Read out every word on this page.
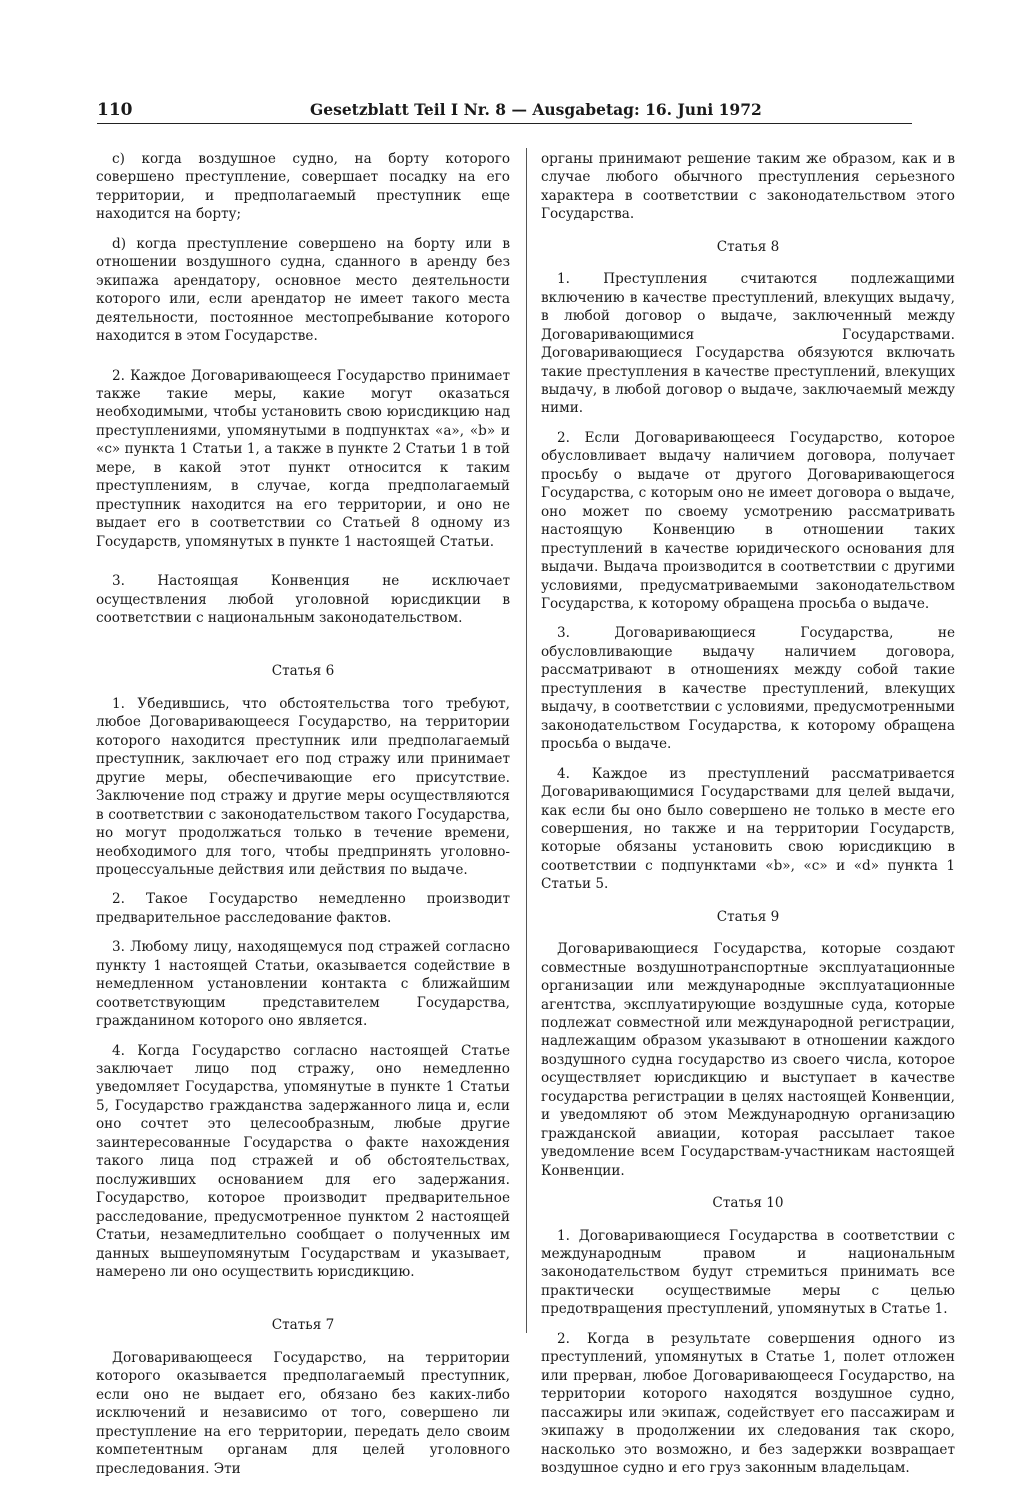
110	Gesetzblatt Teil I Nr. 8 — Ausgabetag: 16. Juni 1972

c) когда воздушное судно, на борту которого совершено преступление, совершает посадку на его территории, и предполагаемый преступник еще находится на борту;

d) когда преступление совершено на борту или в отношении воздушного судна, сданного в аренду без экипажа арендатору, основное место деятельности которого или, если арендатор не имеет такого места деятельности, постоянное местопребывание которого находится в этом Государстве.

2. Каждое Договаривающееся Государство принимает также такие меры, какие могут оказаться необходимыми, чтобы установить свою юрисдикцию над преступлениями, упомянутыми в подпунктах «a», «b» и «c» пункта 1 Статьи 1, а также в пункте 2 Статьи 1 в той мере, в какой этот пункт относится к таким преступлениям, в случае, когда предполагаемый преступник находится на его территории, и оно не выдает его в соответствии со Статьей 8 одному из Государств, упомянутых в пункте 1 настоящей Статьи.

3. Настоящая Конвенция не исключает осуществления любой уголовной юрисдикции в соответствии с национальным законодательством.

Статья 6

1. Убедившись, что обстоятельства того требуют, любое Договаривающееся Государство, на территории которого находится преступник или предполагаемый преступник, заключает его под стражу или принимает другие меры, обеспечивающие его присутствие. Заключение под стражу и другие меры осуществляются в соответствии с законодательством такого Государства, но могут продолжаться только в течение времени, необходимого для того, чтобы предпринять уголовно-процессуальные действия или действия по выдаче.

2. Такое Государство немедленно производит предварительное расследование фактов.

3. Любому лицу, находящемуся под стражей согласно пункту 1 настоящей Статьи, оказывается содействие в немедленном установлении контакта с ближайшим соответствующим представителем Государства, гражданином которого оно является.

4. Когда Государство согласно настоящей Статье заключает лицо под стражу, оно немедленно уведомляет Государства, упомянутые в пункте 1 Статьи 5, Государство гражданства задержанного лица и, если оно сочтет это целесообразным, любые другие заинтересованные Государства о факте нахождения такого лица под стражей и об обстоятельствах, послуживших основанием для его задержания. Государство, которое производит предварительное расследование, предусмотренное пунктом 2 настоящей Статьи, незамедлительно сообщает о полученных им данных вышеупомянутым Государствам и указывает, намерено ли оно осуществить юрисдикцию.

Статья 7

Договаривающееся Государство, на территории которого оказывается предполагаемый преступник, если оно не выдает его, обязано без каких-либо исключений и независимо от того, совершено ли преступление на его территории, передать дело своим компетентным органам для целей уголовного преследования. Эти

органы принимают решение таким же образом, как и в случае любого обычного преступления серьезного характера в соответствии с законодательством этого Государства.

Статья 8

1. Преступления считаются подлежащими включению в качестве преступлений, влекущих выдачу, в любой договор о выдаче, заключенный между Договаривающимися Государствами. Договаривающиеся Государства обязуются включать такие преступления в качестве преступлений, влекущих выдачу, в любой договор о выдаче, заключаемый между ними.

2. Если Договаривающееся Государство, которое обусловливает выдачу наличием договора, получает просьбу о выдаче от другого Договаривающегося Государства, с которым оно не имеет договора о выдаче, оно может по своему усмотрению рассматривать настоящую Конвенцию в отношении таких преступлений в качестве юридического основания для выдачи. Выдача производится в соответствии с другими условиями, предусматриваемыми законодательством Государства, к которому обращена просьба о выдаче.

3. Договаривающиеся Государства, не обусловливающие выдачу наличием договора, рассматривают в отношениях между собой такие преступления в качестве преступлений, влекущих выдачу, в соответствии с условиями, предусмотренными законодательством Государства, к которому обращена просьба о выдаче.

4. Каждое из преступлений рассматривается Договаривающимися Государствами для целей выдачи, как если бы оно было совершено не только в месте его совершения, но также и на территории Государств, которые обязаны установить свою юрисдикцию в соответствии с подпунктами «b», «c» и «d» пункта 1 Статьи 5.

Статья 9

Договаривающиеся Государства, которые создают совместные воздушнотранспортные эксплуатационные организации или международные эксплуатационные агентства, эксплуатирующие воздушные суда, которые подлежат совместной или международной регистрации, надлежащим образом указывают в отношении каждого воздушного судна государство из своего числа, которое осуществляет юрисдикцию и выступает в качестве государства регистрации в целях настоящей Конвенции, и уведомляют об этом Международную организацию гражданской авиации, которая рассылает такое уведомление всем Государствам-участникам настоящей Конвенции.

Статья 10

1. Договаривающиеся Государства в соответствии с международным правом и национальным законодательством будут стремиться принимать все практически осуществимые меры с целью предотвращения преступлений, упомянутых в Статье 1.

2. Когда в результате совершения одного из преступлений, упомянутых в Статье 1, полет отложен или прерван, любое Договаривающееся Государство, на территории которого находятся воздушное судно, пассажиры или экипаж, содействует его пассажирам и экипажу в продолжении их следования так скоро, насколько это возможно, и без задержки возвращает воздушное судно и его груз законным владельцам.
